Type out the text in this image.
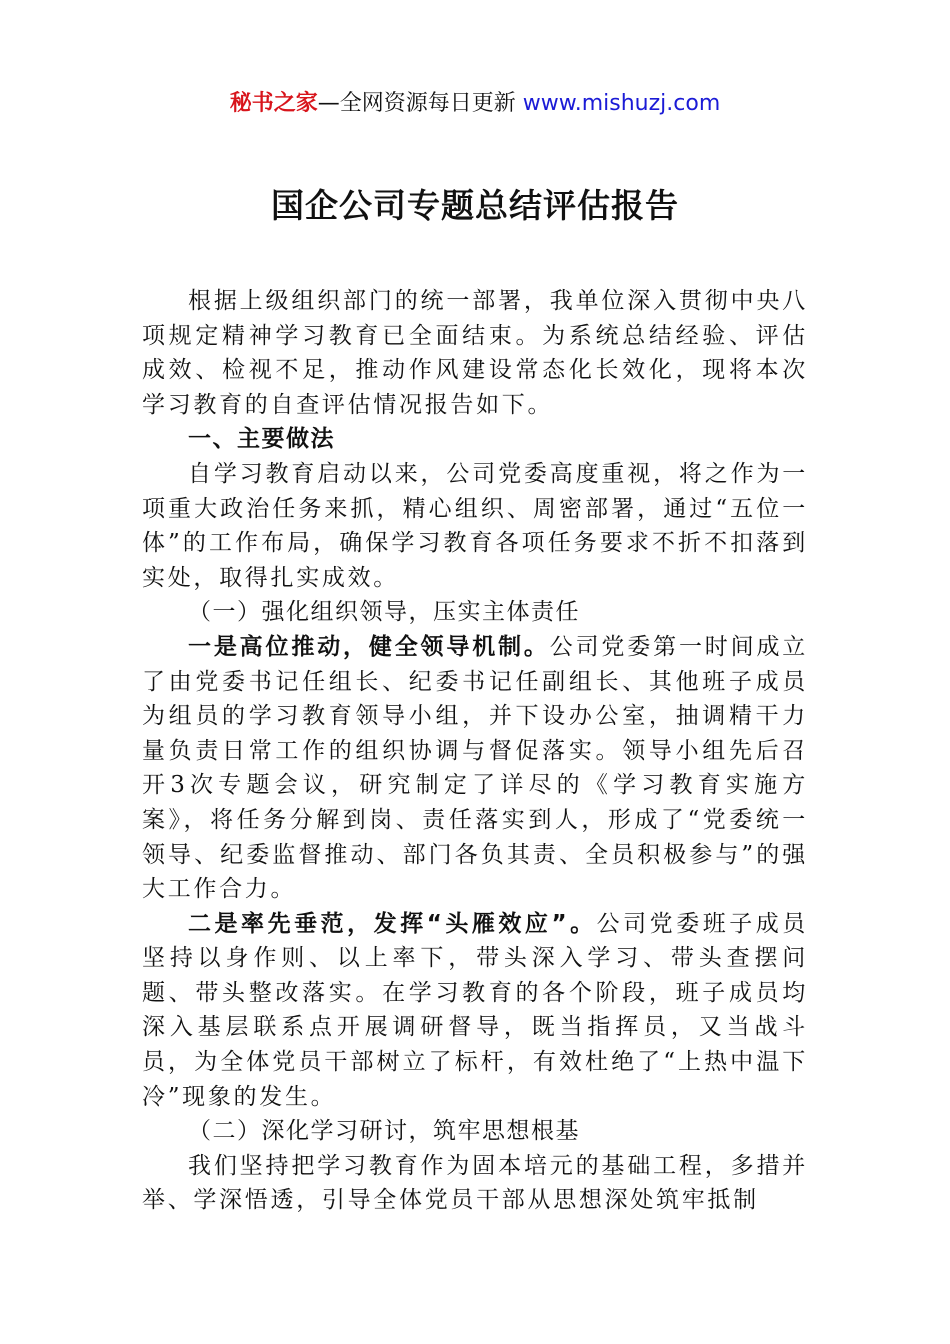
秘书之家—全网资源每日更新 www.mishuzj.com
国企公司专题总结评估报告

根据上级组织部门的统一部署，我单位深入贯彻中央八项规定精神学习教育已全面结束。为系统总结经验、评估成效、检视不足，推动作风建设常态化长效化，现将本次学习教育的自查评估情况报告如下。

一、主要做法

自学习教育启动以来，公司党委高度重视，将之作为一项重大政治任务来抓，精心组织、周密部署，通过“五位一体”的工作布局，确保学习教育各项任务要求不折不扣落到实处，取得扎实成效。

（一）强化组织领导，压实主体责任

一是高位推动，健全领导机制。公司党委第一时间成立了由党委书记任组长、纪委书记任副组长、其他班子成员为组员的学习教育领导小组，并下设办公室，抽调精干力量负责日常工作的组织协调与督促落实。领导小组先后召开3次专题会议，研究制定了详尽的《学习教育实施方案》，将任务分解到岗、责任落实到人，形成了“党委统一领导、纪委监督推动、部门各负其责、全员积极参与”的强大工作合力。

二是率先垂范，发挥“头雁效应”。公司党委班子成员坚持以身作则、以上率下，带头深入学习、带头查摆问题、带头整改落实。在学习教育的各个阶段，班子成员均深入基层联系点开展调研督导，既当指挥员，又当战斗员，为全体党员干部树立了标杆，有效杜绝了“上热中温下冷”现象的发生。

（二）深化学习研讨，筑牢思想根基

我们坚持把学习教育作为固本培元的基础工程，多措并举、学深悟透，引导全体党员干部从思想深处筑牢抵制
